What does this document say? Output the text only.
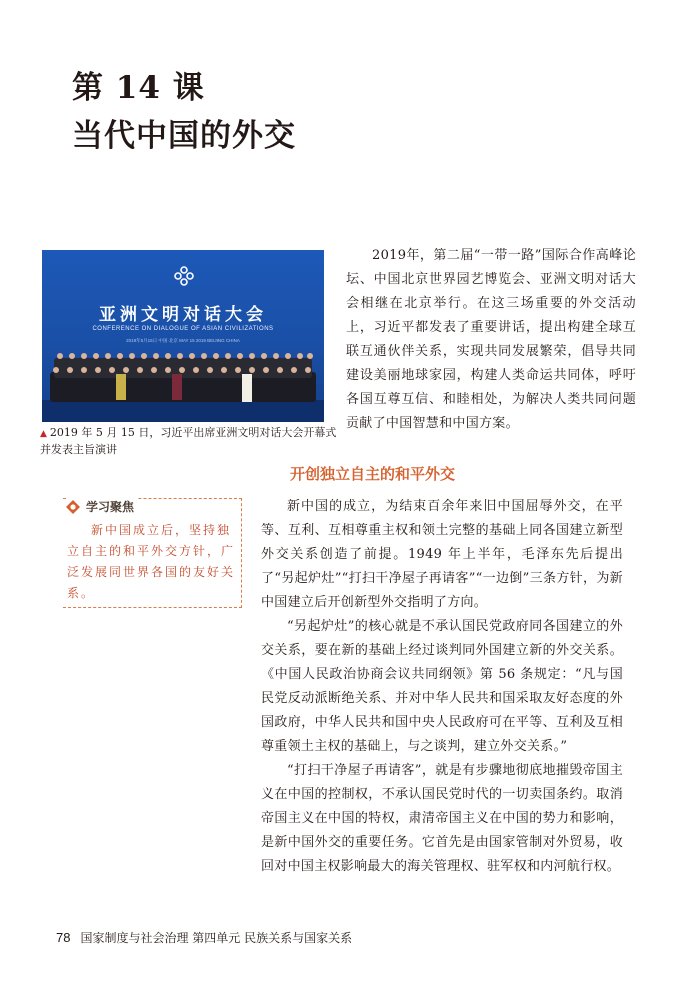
第 14 课
当代中国的外交
亚洲文明对话大会
CONFERENCE ON DIALOGUE OF ASIAN CIVILIZATIONS
2019年5月15日 中国·北京 MAY 15 2019 BEIJING CHINA
▲ 2019 年 5 月 15 日，习近平出席亚洲文明对话大会开幕式并发表主旨演讲
2019年，第二届“一带一路”国际合作高峰论坛、中国北京世界园艺博览会、亚洲文明对话大会相继在北京举行。在这三场重要的外交活动上，习近平都发表了重要讲话，提出构建全球互联互通伙伴关系，实现共同发展繁荣，倡导共同建设美丽地球家园，构建人类命运共同体，呼吁各国互尊互信、和睦相处，为解决人类共同问题贡献了中国智慧和中国方案。
开创独立自主的和平外交
学习聚焦
新中国成立后，坚持独立自主的和平外交方针，广泛发展同世界各国的友好关系。

新中国的成立，为结束百余年来旧中国屈辱外交，在平等、互利、互相尊重主权和领土完整的基础上同各国建立新型外交关系创造了前提。1949 年上半年，毛泽东先后提出了“另起炉灶”“打扫干净屋子再请客”“一边倒”三条方针，为新中国建立后开创新型外交指明了方向。

“另起炉灶”的核心就是不承认国民党政府同各国建立的外交关系，要在新的基础上经过谈判同外国建立新的外交关系。《中国人民政治协商会议共同纲领》第 56 条规定：“凡与国民党反动派断绝关系、并对中华人民共和国采取友好态度的外国政府，中华人民共和国中央人民政府可在平等、互利及互相尊重领土主权的基础上，与之谈判，建立外交关系。”

“打扫干净屋子再请客”，就是有步骤地彻底地摧毁帝国主义在中国的控制权，不承认国民党时代的一切卖国条约。取消帝国主义在中国的特权，肃清帝国主义在中国的势力和影响，是新中国外交的重要任务。它首先是由国家管制对外贸易，收回对中国主权影响最大的海关管理权、驻军权和内河航行权。

78 国家制度与社会治理 第四单元 民族关系与国家关系
